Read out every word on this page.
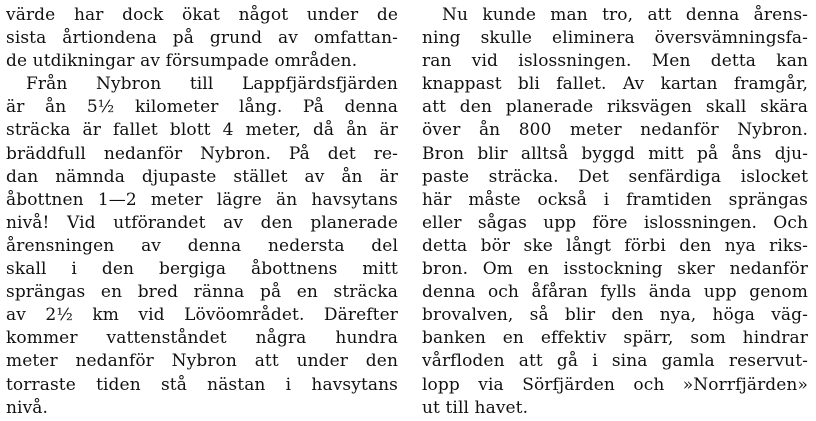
värde har dock ökat något under de
sista årtiondena på grund av omfattan-
de utdikningar av försumpade områden.
Från Nybron till Lappfjärdsfjärden
är ån 5½ kilometer lång. På denna
sträcka är fallet blott 4 meter, då ån är
bräddfull nedanför Nybron. På det re-
dan nämnda djupaste stället av ån är
åbottnen 1—2 meter lägre än havsytans
nivå! Vid utförandet av den planerade
årensningen av denna nedersta del
skall i den bergiga åbottnens mitt
sprängas en bred ränna på en sträcka
av 2½ km vid Lövöområdet. Därefter
kommer vattenståndet några hundra
meter nedanför Nybron att under den
torraste tiden stå nästan i havsytans
nivå.
Nu kunde man tro, att denna årens-
ning skulle eliminera översvämningsfa-
ran vid islossningen. Men detta kan
knappast bli fallet. Av kartan framgår,
att den planerade riksvägen skall skära
över ån 800 meter nedanför Nybron.
Bron blir alltså byggd mitt på åns dju-
paste sträcka. Det senfärdiga islocket
här måste också i framtiden sprängas
eller sågas upp före islossningen. Och
detta bör ske långt förbi den nya riks-
bron. Om en isstockning sker nedanför
denna och åfåran fylls ända upp genom
brovalven, så blir den nya, höga väg-
banken en effektiv spärr, som hindrar
vårfloden att gå i sina gamla reservut-
lopp via Sörfjärden och »Norrfjärden»
ut till havet.
